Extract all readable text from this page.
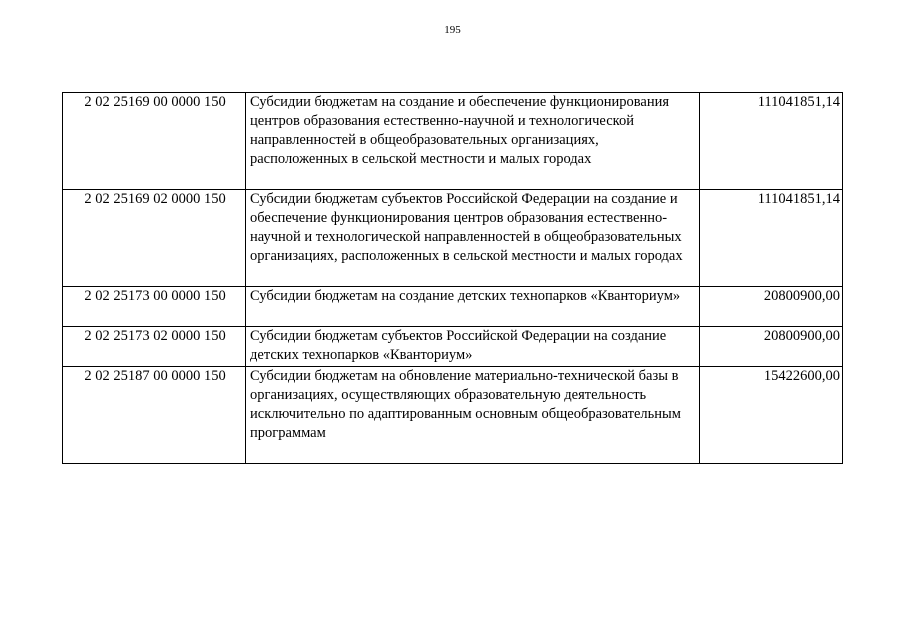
195
2 02 25169 00 0000 150	Субсидии бюджетам на создание и обеспечение функционирования центров образования естественно-научной и технологической направленностей в общеобразовательных организациях, расположенных в сельской местности и малых городах	111041851,14
2 02 25169 02 0000 150	Субсидии бюджетам субъектов Российской Федерации на создание и обеспечение функционирования центров образования естественно-научной и технологической направленностей в общеобразовательных организациях, расположенных в сельской местности и малых городах	111041851,14
2 02 25173 00 0000 150	Субсидии бюджетам на создание детских технопарков «Кванториум»	20800900,00
2 02 25173 02 0000 150	Субсидии бюджетам субъектов Российской Федерации на создание детских технопарков «Кванториум»	20800900,00
2 02 25187 00 0000 150	Субсидии бюджетам на обновление материально-технической базы в организациях, осуществляющих образовательную деятельность исключительно по адаптированным основным общеобразовательным программам	15422600,00
